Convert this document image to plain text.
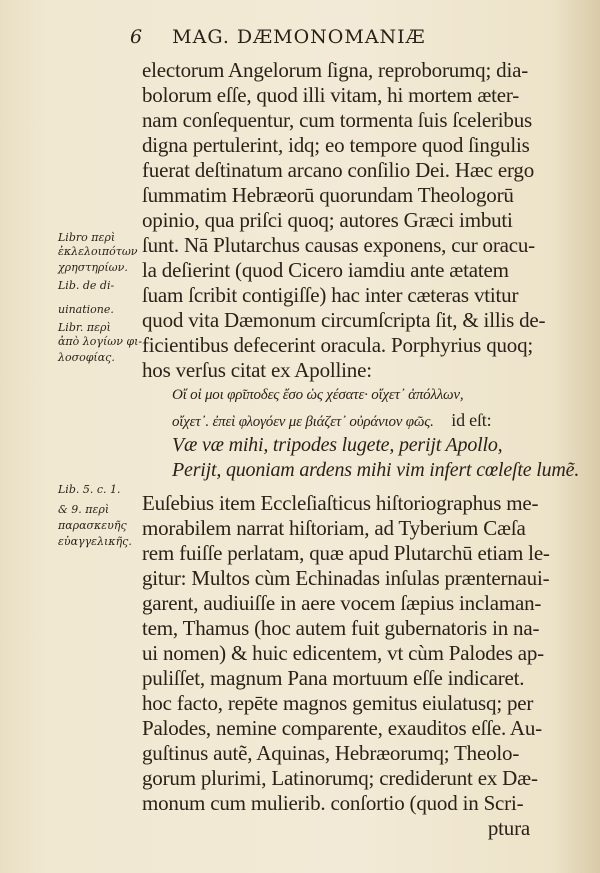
6 MAG. DÆMONOMANIÆ
electorum Angelorum ſigna, reproborumq; dia-
bolorum eſſe, quod illi vitam, hi mortem æter-
nam conſequentur, cum tormenta ſuis ſceleribus
digna pertulerint, idq; eo tempore quod ſingulis
fuerat deſtinatum arcano conſilio Dei. Hæc ergo
ſummatim Hebræorū quorundam Theologorū
opinio, qua priſci quoq; autores Græci imbuti
ſunt. Nā Plutarchus causas exponens, cur oracu-
la deſierint (quod Cicero iamdiu ante ætatem
ſuam ſcribit contigiſſe) hac inter cæteras vtitur
quod vita Dæmonum circumſcripta ſit, & illis de-
ficientibus defecerint oracula. Porphyrius quoq;
hos verſus citat ex Apolline:
Οἴ οἱ μοι φρῖποδες ἔσο ὡς χέσατε· οἴχετ᾽ ἀπόλλων,
οἴχετ᾽. ἐπεὶ φλογόεν με βιάζετ᾽ οὐράνιον φῶς. id eſt:
Væ væ mihi, tripodes lugete, perijt Apollo,
Perijt, quoniam ardens mihi vim infert cœleſte lumẽ.
Euſebius item Eccleſiaſticus hiſtoriographus me-
morabilem narrat hiſtoriam, ad Tyberium Cæſa
rem fuiſſe perlatam, quæ apud Plutarchū etiam le-
gitur: Multos cùm Echinadas inſulas prænternaui-
garent, audiuiſſe in aere vocem ſæpius inclaman-
tem, Thamus (hoc autem fuit gubernatoris in na-
ui nomen) & huic edicentem, vt cùm Palodes ap-
puliſſet, magnum Pana mortuum eſſe indicaret.
hoc facto, repēte magnos gemitus eiulatusq; per
Palodes, nemine comparente, exauditos eſſe. Au-
guſtinus autẽ, Aquinas, Hebræorumq; Theolo-
gorum plurimi, Latinorumq; crediderunt ex Dæ-
monum cum mulierib. conſortio (quod in Scri-
ptura
Libro περὶ
ἐκλελοιπότων
χρηστηρίων.
Lib. de di-
uinatione.
Libr. περὶ
ἀπὸ λογίων φι-
λοσοφίας.
Lib. 5. c. 1.
& 9. περὶ
παρασκευῆς
εὐαγγελικῆς.
